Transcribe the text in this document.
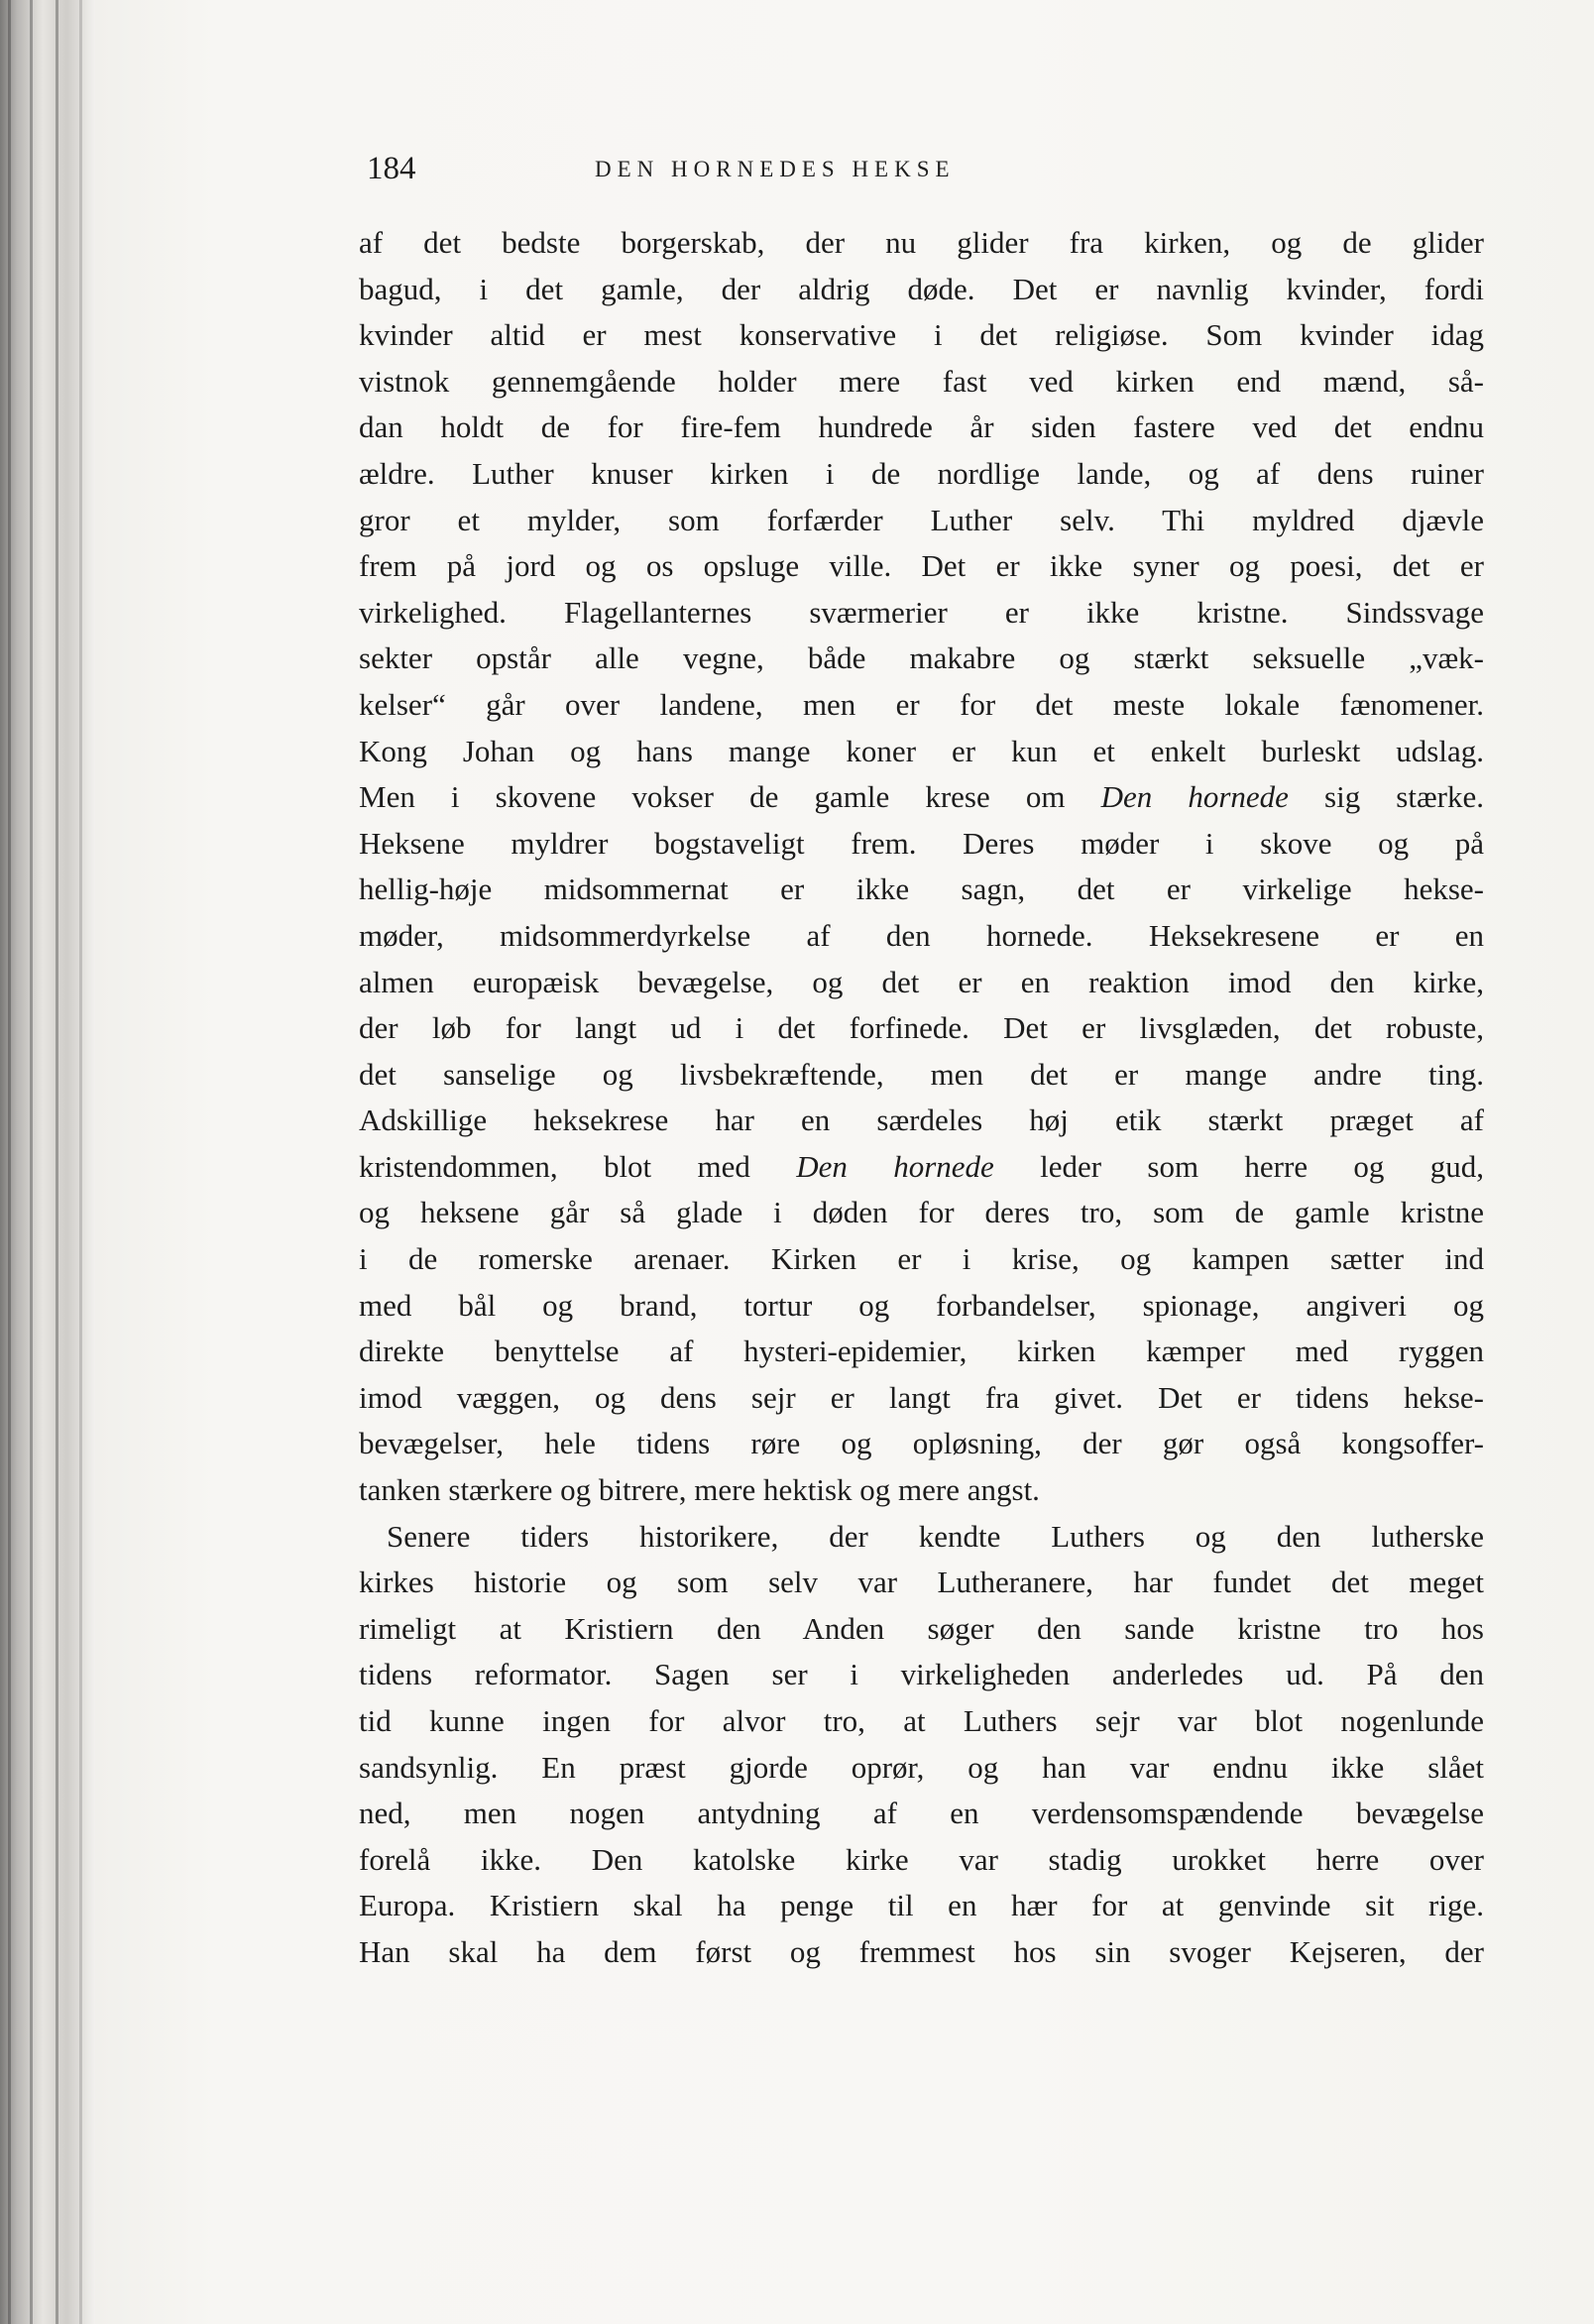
184	DEN HORNEDES HEKSE
af det bedste borgerskab, der nu glider fra kirken, og de glider
bagud, i det gamle, der aldrig døde. Det er navnlig kvinder, fordi
kvinder altid er mest konservative i det religiøse. Som kvinder idag
vistnok gennemgående holder mere fast ved kirken end mænd, så-
dan holdt de for fire-fem hundrede år siden fastere ved det endnu
ældre. Luther knuser kirken i de nordlige lande, og af dens ruiner
gror et mylder, som forfærder Luther selv. Thi myldred djævle
frem på jord og os opsluge ville. Det er ikke syner og poesi, det er
virkelighed. Flagellanternes sværmerier er ikke kristne. Sindssvage
sekter opstår alle vegne, både makabre og stærkt seksuelle „væk-
kelser“ går over landene, men er for det meste lokale fænomener.
Kong Johan og hans mange koner er kun et enkelt burleskt udslag.
Men i skovene vokser de gamle krese om Den hornede sig stærke.
Heksene myldrer bogstaveligt frem. Deres møder i skove og på
hellig-høje midsommernat er ikke sagn, det er virkelige hekse-
møder, midsommerdyrkelse af den hornede. Heksekresene er en
almen europæisk bevægelse, og det er en reaktion imod den kirke,
der løb for langt ud i det forfinede. Det er livsglæden, det robuste,
det sanselige og livsbekræftende, men det er mange andre ting.
Adskillige heksekrese har en særdeles høj etik stærkt præget af
kristendommen, blot med Den hornede leder som herre og gud,
og heksene går så glade i døden for deres tro, som de gamle kristne
i de romerske arenaer. Kirken er i krise, og kampen sætter ind
med bål og brand, tortur og forbandelser, spionage, angiveri og
direkte benyttelse af hysteri-epidemier, kirken kæmper med ryggen
imod væggen, og dens sejr er langt fra givet. Det er tidens hekse-
bevægelser, hele tidens røre og opløsning, der gør også kongsoffer-
tanken stærkere og bitrere, mere hektisk og mere angst.
Senere tiders historikere, der kendte Luthers og den lutherske
kirkes historie og som selv var Lutheranere, har fundet det meget
rimeligt at Kristiern den Anden søger den sande kristne tro hos
tidens reformator. Sagen ser i virkeligheden anderledes ud. På den
tid kunne ingen for alvor tro, at Luthers sejr var blot nogenlunde
sandsynlig. En præst gjorde oprør, og han var endnu ikke slået
ned, men nogen antydning af en verdensomspændende bevægelse
forelå ikke. Den katolske kirke var stadig urokket herre over
Europa. Kristiern skal ha penge til en hær for at genvinde sit rige.
Han skal ha dem først og fremmest hos sin svoger Kejseren, der
